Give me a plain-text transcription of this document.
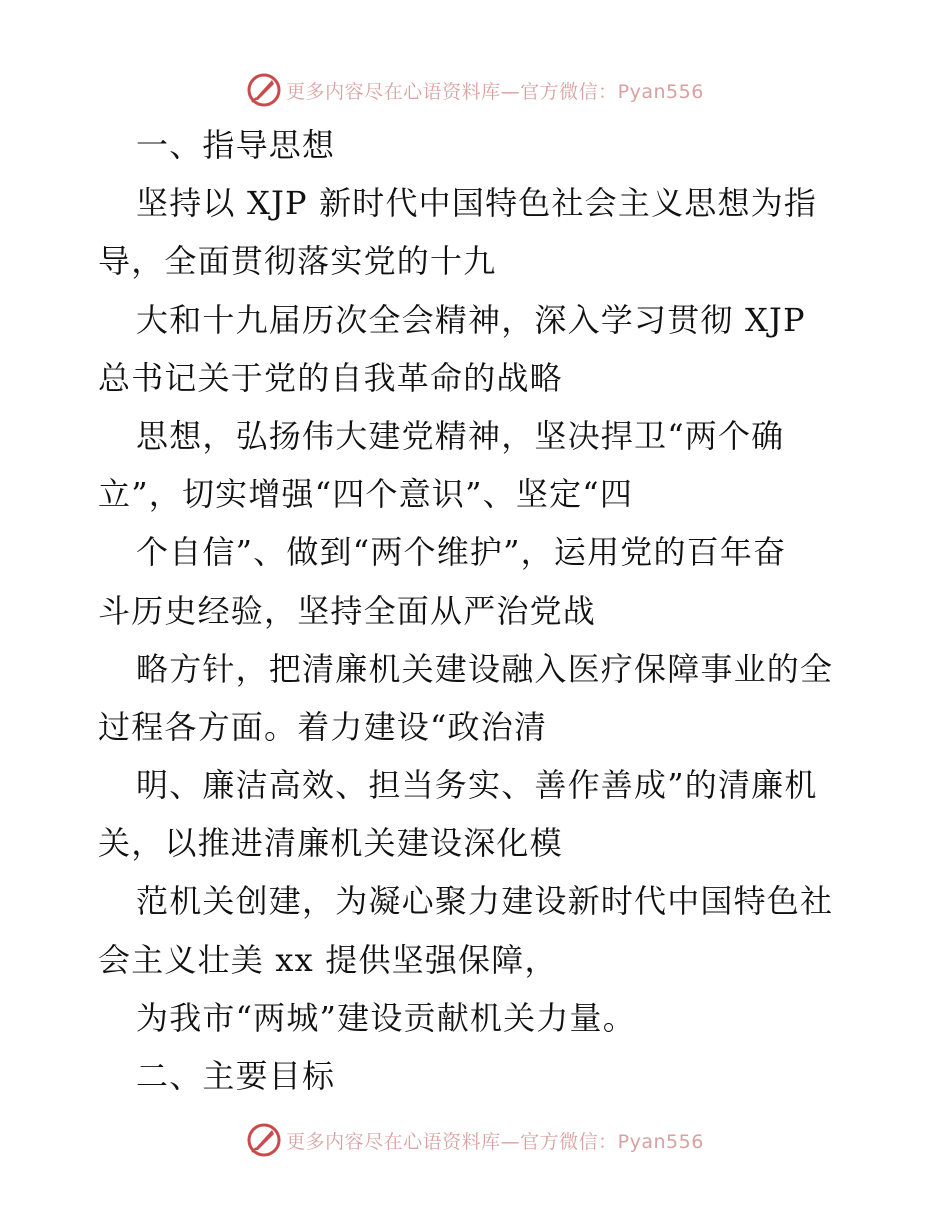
更多内容尽在心语资料库—官方微信：Pyan556
一、指导思想
坚持以 XJP 新时代中国特色社会主义思想为指
导，全面贯彻落实党的十九
大和十九届历次全会精神，深入学习贯彻 XJP
总书记关于党的自我革命的战略
思想，弘扬伟大建党精神，坚决捍卫“两个确
立”，切实增强“四个意识”、坚定“四
个自信”、做到“两个维护”，运用党的百年奋
斗历史经验，坚持全面从严治党战
略方针，把清廉机关建设融入医疗保障事业的全
过程各方面。着力建设“政治清
明、廉洁高效、担当务实、善作善成”的清廉机
关，以推进清廉机关建设深化模
范机关创建，为凝心聚力建设新时代中国特色社
会主义壮美 xx 提供坚强保障，
为我市“两城”建设贡献机关力量。
二、主要目标
更多内容尽在心语资料库—官方微信：Pyan556
